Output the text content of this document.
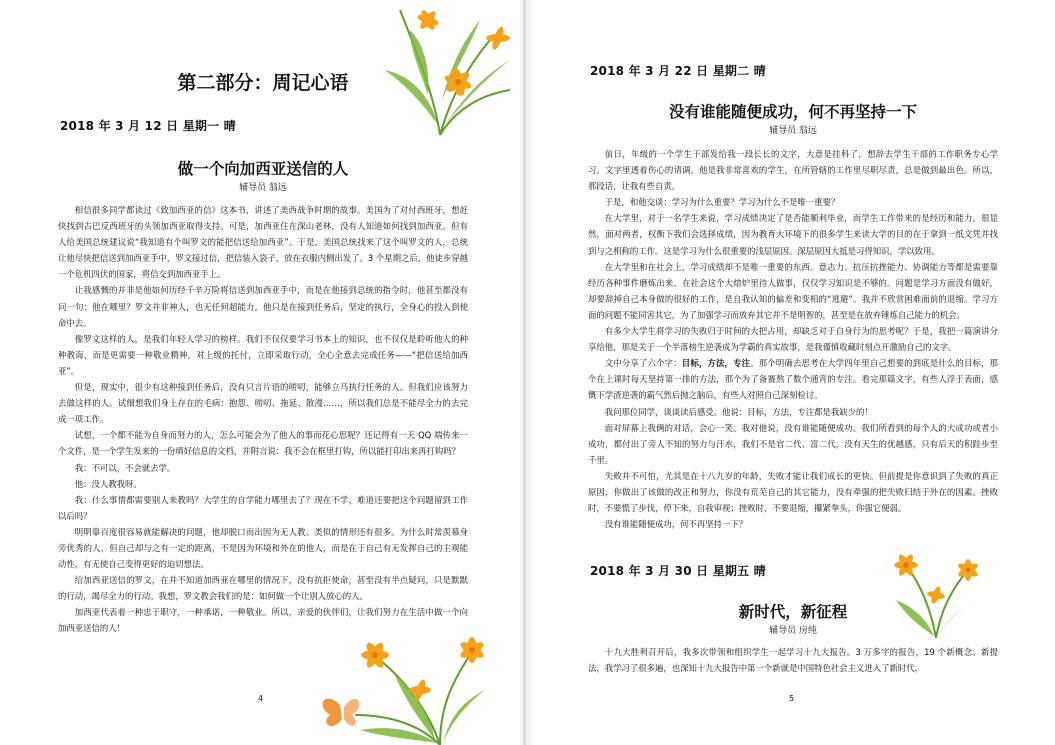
第二部分：周记心语
2018 年 3 月 12 日 星期一 晴
做一个向加西亚送信的人
辅导员 翁远

相信很多同学都读过《致加西亚的信》这本书，讲述了美西战争时期的故事。美国为了对付西班牙，想赶快找到古巴反西班牙的头领加西亚取得支持。可是，加西亚住在深山老林，没有人知道如何找到加西亚。但有人给美国总统建议说“我知道有个叫罗文的能把信送给加西亚”。于是，美国总统找来了这个叫罗文的人，总统让他尽快把信送到加西亚手中，罗文接过信，把信装入袋子，放在衣服内侧出发了。3 个星期之后，他徒步穿越一个危机四伏的国家，将信交到加西亚手上。

让我感慨的并非是他如何历经千辛万险将信送到加西亚手中，而是在他接到总统的指令时，他甚至都没有问一句：他在哪里？罗文并非神人，也无任何超能力。他只是在接到任务后，坚定的执行，全身心的投入到使命中去。

像罗文这样的人，是我们年轻人学习的榜样。我们不仅仅要学习书本上的知识，也不仅仅是聆听他人的种种教诲，而是更需要一种敬业精神，对上级的托付，立即采取行动，全心全意去完成任务——“把信送给加西亚”。

但是，现实中，很少有这种接到任务后，没有只言片语的唠叨，能够立马执行任务的人。但我们应该努力去做这样的人。试细想我们身上存在的毛病：抱怨、唠叨、拖延、散漫……，所以我们总是不能尽全力的去完成一项工作。

试想，一个都不能为自身而努力的人，怎么可能会为了他人的事而花心思呢？还记得有一天 QQ 端传来一个文件，是一个学生发来的一份填好信息的文档，并附言说：我不会在框里打钩，所以能打印出来再打钩吗？

我：不可以，不会就去学。

他：没人教我呀。

我：什么事情都需要别人来教吗？大学生的自学能力哪里去了？现在不学，难道还要把这个问题留到工作以后吗？

明明靠百度很容易就能解决的问题，他却脱口而出因为无人教。类似的情形还有很多。为什么时常羡慕身旁优秀的人，但自己却与之有一定的距离，不是因为环境和外在的他人，而是在于自己有无发挥自己的主观能动性，有无使自己变得更好的迫切想法。

给加西亚送信的罗文，在并不知道加西亚在哪里的情况下，没有抗拒使命，甚至没有半点疑问，只是默默的行动，竭尽全力的行动。我想，罗文教会我们的是：如何做一个让别人放心的人。

加西亚代表着一种忠于职守，一种承诺，一种敬业。所以，亲爱的伙伴们，让我们努力在生活中做一个向加西亚送信的人！

4
2018 年 3 月 22 日 星期二 晴
没有谁能随便成功，何不再坚持一下
辅导员 翁远

前日，年级的一个学生干部发给我一段长长的文字，大意是挂科了，想辞去学生干部的工作职务专心学习。文字里透着伤心的请调。他是我非常喜欢的学生，在所管辖的工作里尽职尽责，总是做到最出色。所以，那段话，让我有些自责。

于是，和他交谈：学习为什么重要？学习为什么不是唯一重要？

在大学里，对于一名学生来说，学习成绩决定了是否能顺利毕业，而学生工作带来的是经历和能力。很显然，面对两者，权衡下我们会选择成绩，因为教育大环境下的很多学生来读大学的目的在于拿到一纸文凭并找到与之相称的工作。这是学习为什么很重要的浅层原因。深层原因大抵是习得知识，学以致用。

在大学里和在社会上，学习成绩却不是唯一重要的东西。意志力、抗压抗挫能力、协调能力等都是需要靠经历各种事件磨炼出来。在社会这个大熔炉里待人做事，仅仅学习知识是不够的。问题是学习方面没有做好，却要辞掉自己本身做的很好的工作，是自我认知的偏差和变相的“逃避”。我并不欣赏困难面前的退缩。学习方面的问题不能同害其它，为了加强学习而放弃其它并不是明智的，甚至是在放弃锤炼自己能力的机会。

有多少大学生将学习的失败归于时间的大把占用，却缺乏对于自身行为的思考呢？于是，我把一篇演讲分享给他，那是关于一个半落榜生逆袭成为学霸的真实故事，是我谨慎收藏时刻点开激励自己的文字。

文中分享了六个字：目标，方法，专注。那个明确去思考在大学四年里自己想要的到底是什么的目标，那个在上课时每天坚持第一排的方法，那个为了备赛熬了数个通宵的专注。看完那篇文字，有些人浮于表面，感慨下学渣逆袭的霸气然后抛之脑后，有些人对照自己深刻检讨。

我问那位同学，谈谈读后感受。他说：目标，方法，专注都是我缺少的！

面对屏幕上我俩的对话，会心一笑。我对他说，没有谁能随便成功。我们所看到的每个人的大成功或者小成功，都付出了旁人不知的努力与汗水，我们不是官二代、富二代，没有天生的优越感，只有后天的积跬步至千里。

失败并不可怕，尤其是在十八九岁的年龄，失败才能让我们成长的更快。但前提是你意识到了失败的真正原因，你做出了该做的改正和努力，你没有荒芜自己的其它能力，没有牵强的把失败归结于外在的因素。挫败时，不要慌了步伐，停下来，自我审视；挫败时，不要退缩，攥紧拳头，你强它便弱。

没有谁能随便成功，何不再坚持一下？

2018 年 3 月 30 日 星期五 晴
新时代，新征程
辅导员 房纯

十九大胜利召开后，我多次带领和组织学生一起学习十九大报告。3 万多字的报告，19 个新概念、新提法，我学习了很多遍，也深知十九大报告中第一个新就是中国特色社会主义进入了新时代，

5
